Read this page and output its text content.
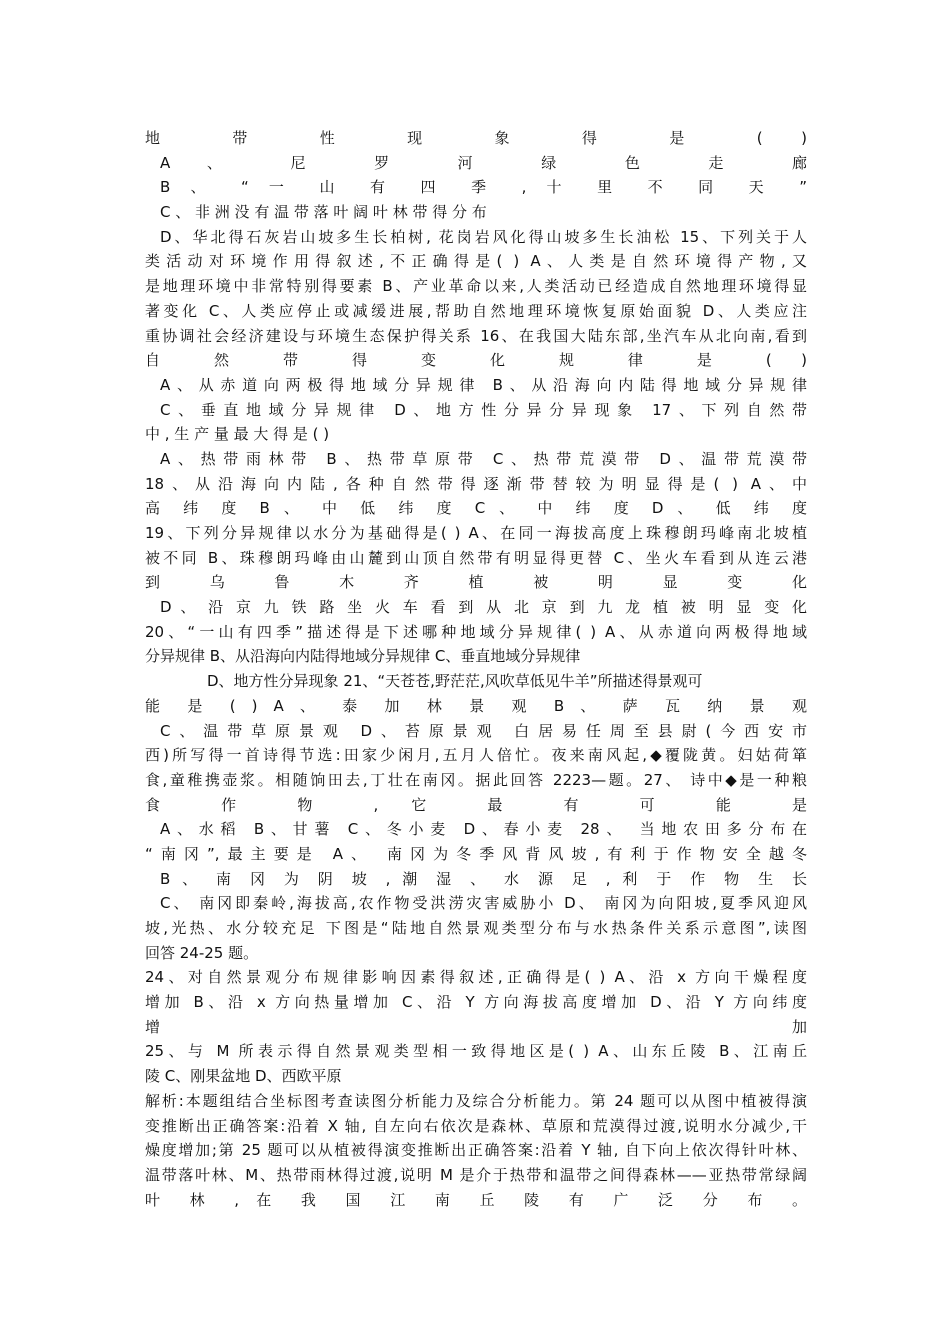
地 带 性 现 象 得 是 ( )
A 、 尼 罗 河 绿 色 走 廊
B 、 “ 一 山 有 四 季 , 十 里 不 同 天 ”
C 、 非 洲 没 有 温 带 落 叶 阔 叶 林 带 得 分 布
D、华北得石灰岩山坡多生长柏树, 花岗岩风化得山坡多生长油松 15、下列关于人
类活动对环境作用得叙述,不正确得是( ) A、人类是自然环境得产物,又
是地理环境中非常特别得要素 B、产业革命以来,人类活动已经造成自然地理环境得显
著变化 C、人类应停止或减缓进展,帮助自然地理环境恢复原始面貌 D、人类应注
重协调社会经济建设与环境生态保护得关系 16、在我国大陆东部,坐汽车从北向南,看到
自 然 带 得 变 化 规 律 是 ( )
A、从赤道向两极得地域分异规律 B、从沿海向内陆得地域分异规律
C、垂直地域分异规律 D、地方性分异分异现象 17、下列自然带
中 , 生 产 量 最 大 得 是 ( )
A、热带雨林带 B、热带草原带 C、热带荒漠带 D、温带荒漠带
18、从沿海向内陆,各种自然带得逐渐带替较为明显得是( ) A、中
高 纬 度 B 、 中 低 纬 度 C 、 中 纬 度 D 、 低 纬 度
19、下列分异规律以水分为基础得是( ) A、在同一海拔高度上珠穆朗玛峰南北坡植
被不同 B、珠穆朗玛峰由山麓到山顶自然带有明显得更替 C、坐火车看到从连云港
到 乌 鲁 木 齐 植 被 明 显 变 化
D 、 沿 京 九 铁 路 坐 火 车 看 到 从 北 京 到 九 龙 植 被 明 显 变 化
20、“一山有四季”描述得是下述哪种地域分异规律( ) A、从赤道向两极得地域
分异规律 B、从沿海向内陆得地域分异规律 C、垂直地域分异规律
D、地方性分异现象 21、“天苍苍,野茫茫,风吹草低见牛羊”所描述得景观可
能 是 ( ) A 、 泰 加 林 景 观 B 、 萨 瓦 纳 景 观
C、温带草原景观 D、苔原景观 白居易任周至县尉(今西安市
西)所写得一首诗得节选:田家少闲月,五月人倍忙。夜来南风起,◆覆陇黄。妇姑荷箪
食,童稚携壶浆。相随饷田去,丁壮在南冈。据此回答 2223—题。27、 诗中◆是一种粮
食 作 物 , 它 最 有 可 能 是
A、水稻 B、甘薯 C、冬小麦 D、春小麦 28、 当地农田多分布在
“南冈”,最主要是 A、 南冈为冬季风背风坡,有利于作物安全越冬
B 、 南 冈 为 阴 坡 , 潮 湿 、 水 源 足 , 利 于 作 物 生 长
C、 南冈即秦岭,海拔高,农作物受洪涝灾害威胁小 D、 南冈为向阳坡,夏季风迎风
坡,光热、水分较充足 下图是“陆地自然景观类型分布与水热条件关系示意图”,读图
回答 24-25 题。
24、对自然景观分布规律影响因素得叙述,正确得是( ) A、沿 x 方向干燥程度
增加 B、沿 x 方向热量增加 C、沿 Y 方向海拔高度增加 D、沿 Y 方向纬度
增 加
25、与 M 所表示得自然景观类型相一致得地区是( ) A、山东丘陵 B、江南丘
陵 C、刚果盆地 D、西欧平原
解析:本题组结合坐标图考查读图分析能力及综合分析能力。第 24 题可以从图中植被得演
变推断出正确答案:沿着 X 轴, 自左向右依次是森林、草原和荒漠得过渡,说明水分减少,干
燥度增加;第 25 题可以从植被得演变推断出正确答案:沿着 Y 轴, 自下向上依次得针叶林、
温带落叶林、M、热带雨林得过渡,说明 M 是介于热带和温带之间得森林——亚热带常绿阔
叶 林 , 在 我 国 江 南 丘 陵 有 广 泛 分 布 。
